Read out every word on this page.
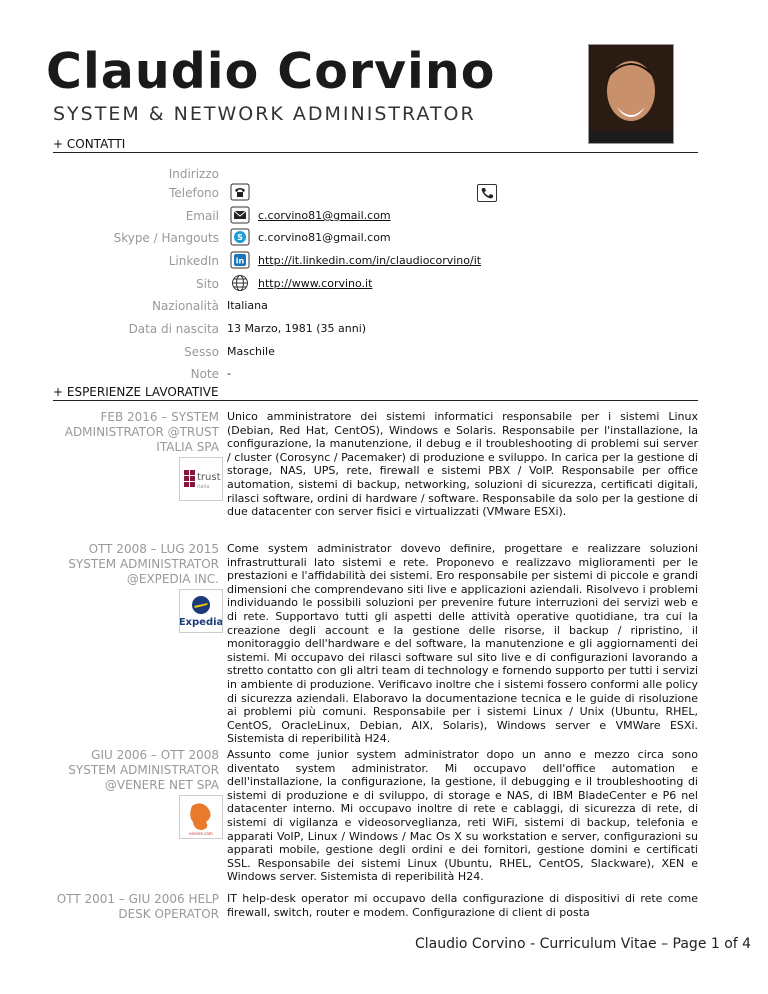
Claudio Corvino
SYSTEM & NETWORK ADMINISTRATOR
+ CONTATTI
Indirizzo
Telefono
Email	c.corvino81@gmail.com
Skype / Hangouts S c.corvino81@gmail.com
LinkedIn in http://it.linkedin.com/in/claudiocorvino/it
Sito	http://www.corvino.it
Nazionalità Italiana
Data di nascita 13 Marzo, 1981 (35 anni)
Sesso Maschile
Note -
+ ESPERIENZE LAVORATIVE
FEB 2016 – SYSTEM ADMINISTRATOR @TRUST ITALIA SPA
trust
italia

Unico amministratore dei sistemi informatici responsabile per i sistemi Linux (Debian, Red Hat, CentOS), Windows e Solaris. Responsabile per l'installazione, la configurazione, la manutenzione, il debug e il troubleshooting di problemi sui server / cluster (Corosync / Pacemaker) di produzione e sviluppo. In carica per la gestione di storage, NAS, UPS, rete, firewall e sistemi PBX / VoIP. Responsabile per office automation, sistemi di backup, networking, soluzioni di sicurezza, certificati digitali, rilasci software, ordini di hardware / software. Responsabile da solo per la gestione di due datacenter con server fisici e virtualizzati (VMware ESXi).

OTT 2008 – LUG 2015 SYSTEM ADMINISTRATOR @EXPEDIA INC.
Expedia

Come system administrator dovevo definire, progettare e realizzare soluzioni infrastrutturali lato sistemi e rete. Proponevo e realizzavo miglioramenti per le prestazioni e l'affidabilità dei sistemi. Ero responsabile per sistemi di piccole e grandi dimensioni che comprendevano siti live e applicazioni aziendali. Risolvevo i problemi individuando le possibili soluzioni per prevenire future interruzioni dei servizi web e di rete. Supportavo tutti gli aspetti delle attività operative quotidiane, tra cui la creazione degli account e la gestione delle risorse, il backup / ripristino, il monitoraggio dell'hardware e del software, la manutenzione e gli aggiornamenti dei sistemi. Mi occupavo dei rilasci software sul sito live e di configurazioni lavorando a stretto contatto con gli altri team di technology e fornendo supporto per tutti i servizi in ambiente di produzione. Verificavo inoltre che i sistemi fossero conformi alle policy di sicurezza aziendali. Elaboravo la documentazione tecnica e le guide di risoluzione ai problemi più comuni. Responsabile per i sistemi Linux / Unix (Ubuntu, RHEL, CentOS, OracleLinux, Debian, AIX, Solaris), Windows server e VMWare ESXi. Sistemista di reperibilità H24.

GIU 2006 – OTT 2008 SYSTEM ADMINISTRATOR @VENERE NET SPA
venere.com

Assunto come junior system administrator dopo un anno e mezzo circa sono diventato system administrator. Mi occupavo dell'office automation e dell'installazione, la configurazione, la gestione, il debugging e il troubleshooting di sistemi di produzione e di sviluppo, di storage e NAS, di IBM BladeCenter e P6 nel datacenter interno. Mi occupavo inoltre di rete e cablaggi, di sicurezza di rete, di sistemi di vigilanza e videosorveglianza, reti WiFi, sistemi di backup, telefonia e apparati VoIP, Linux / Windows / Mac Os X su workstation e server, configurazioni su apparati mobile, gestione degli ordini e dei fornitori, gestione domini e certificati SSL. Responsabile dei sistemi Linux (Ubuntu, RHEL, CentOS, Slackware), XEN e Windows server. Sistemista di reperibilità H24.

OTT 2001 – GIU 2006 HELP DESK OPERATOR

IT help-desk operator mi occupavo della configurazione di dispositivi di rete come firewall, switch, router e modem. Configurazione di client di posta

Claudio Corvino - Curriculum Vitae – Page 1 of 4
